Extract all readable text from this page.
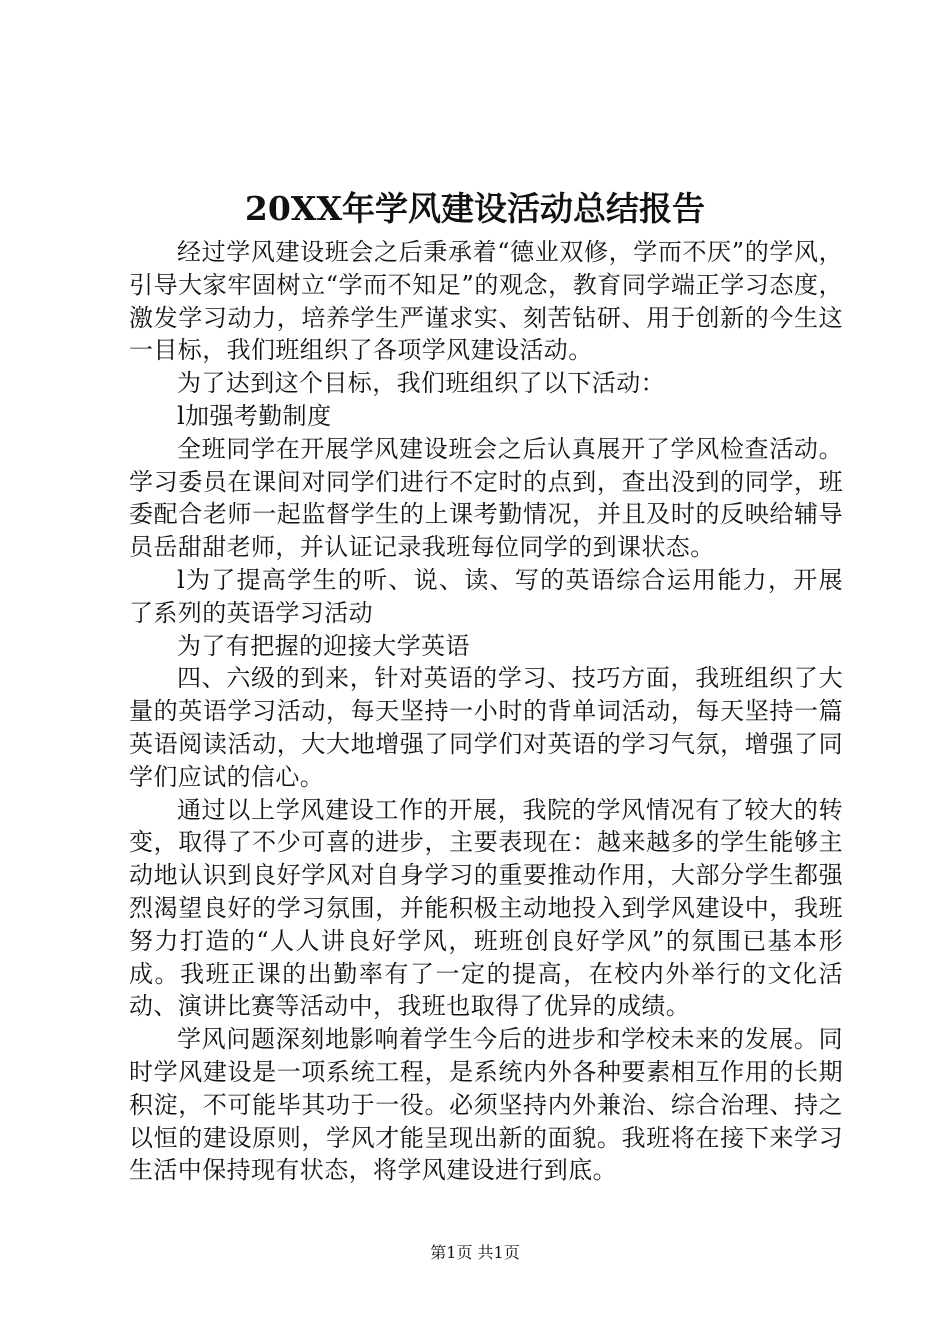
20XX年学风建设活动总结报告

经过学风建设班会之后秉承着“德业双修，学而不厌”的学风，引导大家牢固树立“学而不知足”的观念，教育同学端正学习态度，激发学习动力，培养学生严谨求实、刻苦钻研、用于创新的今生这一目标，我们班组织了各项学风建设活动。

为了达到这个目标，我们班组织了以下活动：

l加强考勤制度

全班同学在开展学风建设班会之后认真展开了学风检查活动。学习委员在课间对同学们进行不定时的点到，查出没到的同学，班委配合老师一起监督学生的上课考勤情况，并且及时的反映给辅导员岳甜甜老师，并认证记录我班每位同学的到课状态。

l为了提高学生的听、说、读、写的英语综合运用能力，开展了系列的英语学习活动

为了有把握的迎接大学英语

四、六级的到来，针对英语的学习、技巧方面，我班组织了大量的英语学习活动，每天坚持一小时的背单词活动，每天坚持一篇英语阅读活动，大大地增强了同学们对英语的学习气氛，增强了同学们应试的信心。

通过以上学风建设工作的开展，我院的学风情况有了较大的转变，取得了不少可喜的进步，主要表现在：越来越多的学生能够主动地认识到良好学风对自身学习的重要推动作用，大部分学生都强烈渴望良好的学习氛围，并能积极主动地投入到学风建设中，我班努力打造的“人人讲良好学风，班班创良好学风”的氛围已基本形成。我班正课的出勤率有了一定的提高，在校内外举行的文化活动、演讲比赛等活动中，我班也取得了优异的成绩。

学风问题深刻地影响着学生今后的进步和学校未来的发展。同时学风建设是一项系统工程，是系统内外各种要素相互作用的长期积淀，不可能毕其功于一役。必须坚持内外兼治、综合治理、持之以恒的建设原则，学风才能呈现出新的面貌。我班将在接下来学习生活中保持现有状态，将学风建设进行到底。

第1页 共1页
